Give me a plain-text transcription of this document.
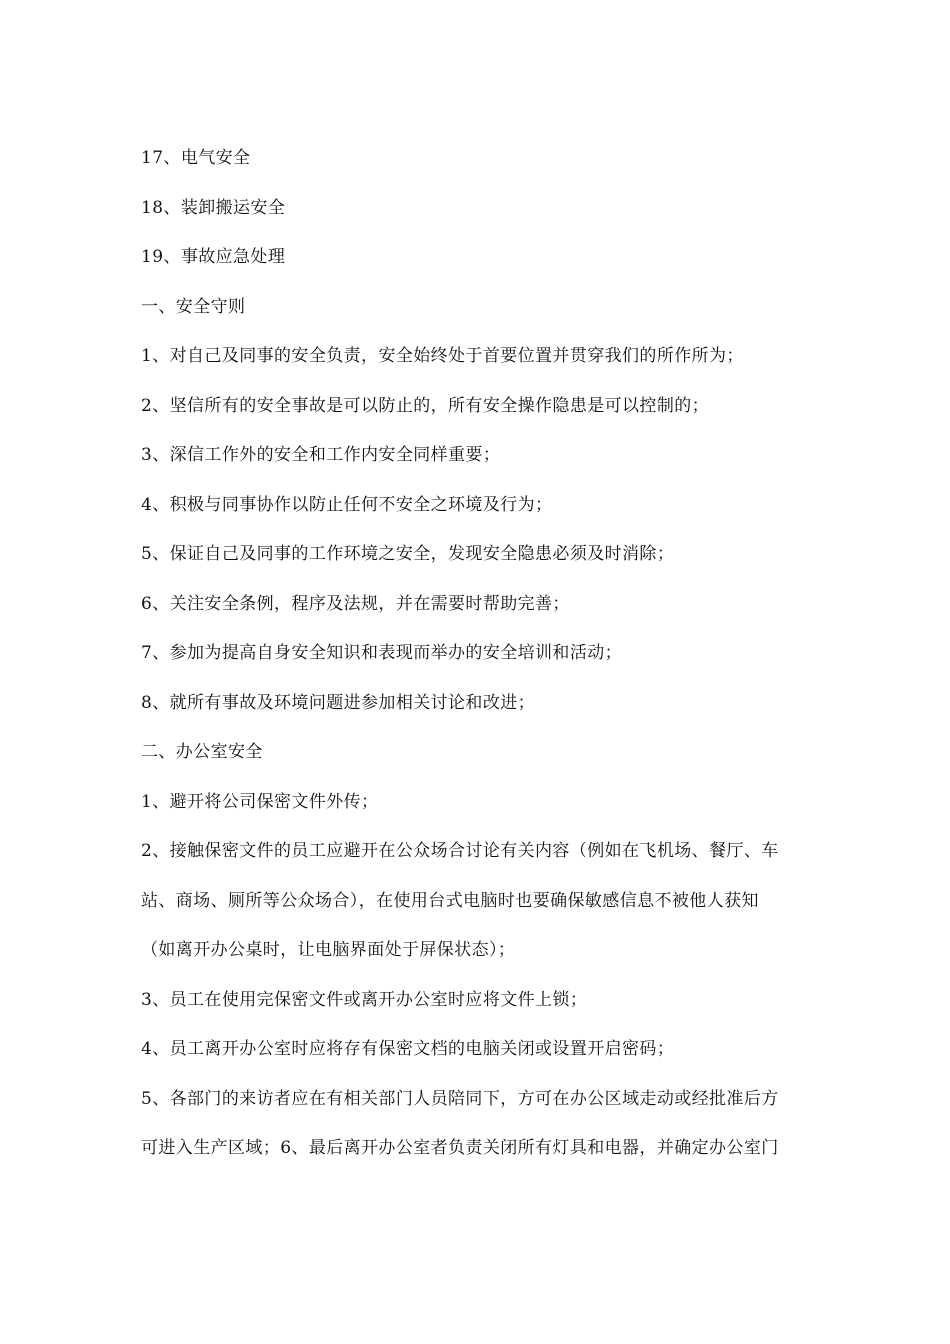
17、电气安全
18、装卸搬运安全
19、事故应急处理
一、安全守则
1、对自己及同事的安全负责，安全始终处于首要位置并贯穿我们的所作所为；
2、坚信所有的安全事故是可以防止的，所有安全操作隐患是可以控制的；
3、深信工作外的安全和工作内安全同样重要；
4、积极与同事协作以防止任何不安全之环境及行为；
5、保证自己及同事的工作环境之安全，发现安全隐患必须及时消除；
6、关注安全条例，程序及法规，并在需要时帮助完善；
7、参加为提高自身安全知识和表现而举办的安全培训和活动；
8、就所有事故及环境问题进参加相关讨论和改进；
二、办公室安全
1、避开将公司保密文件外传；
2、接触保密文件的员工应避开在公众场合讨论有关内容（例如在飞机场、餐厅、车
站、商场、厕所等公众场合），在使用台式电脑时也要确保敏感信息不被他人获知
（如离开办公桌时，让电脑界面处于屏保状态）；
3、员工在使用完保密文件或离开办公室时应将文件上锁；
4、员工离开办公室时应将存有保密文档的电脑关闭或设置开启密码；
5、各部门的来访者应在有相关部门人员陪同下，方可在办公区域走动或经批准后方
可进入生产区域；6、最后离开办公室者负责关闭所有灯具和电器，并确定办公室门
